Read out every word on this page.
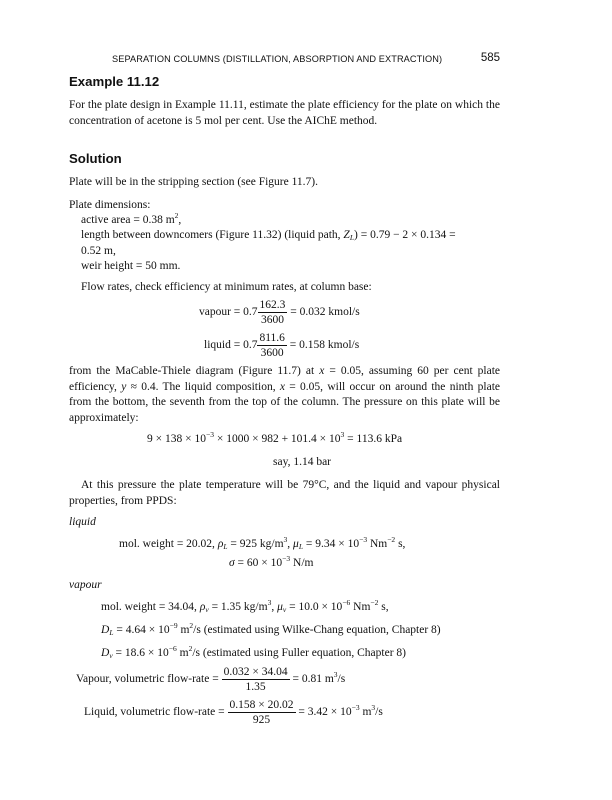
SEPARATION COLUMNS (DISTILLATION, ABSORPTION AND EXTRACTION)	585
Example 11.12
For the plate design in Example 11.11, estimate the plate efficiency for the plate on which the concentration of acetone is 5 mol per cent. Use the AIChE method.
Solution
Plate will be in the stripping section (see Figure 11.7).
Plate dimensions:
active area = 0.38 $m^2$,
length between downcomers (Figure 11.32) (liquid path, $Z_L) = 0.79 - 2 \times 0.134$ =
0.52 m,
weir height = 50 mm.
Flow rates, check efficiency at minimum rates, at column base:
vapour = $0.7 \frac{162.3}{3600} = 0.032$ kmol/s
liquid = $0.7 \frac{811.6}{3600} = 0.158$ kmol/s
from the MaCable-Thiele diagram (Figure 11.7) at x = 0.05, assuming 60 per cent plate efficiency, y ≈ 0.4. The liquid composition, x = 0.05, will occur on around the ninth plate from the bottom, the seventh from the top of the column. The pressure on this plate will be approximately:
$9 \times 138 \times 10^{-3} \times 1000 \times 982 + 101.4 \times 10^3 = 113.6$ kPa
say, 1.14 bar
At this pressure the plate temperature will be 79°C, and the liquid and vapour physical properties, from PPDS:
liquid
mol. weight = 20.02, $\rho_L = 925$ $kg/m^3$, $\mu_L = 9.34 \times 10^{-3}$ $Nm^{-2}$ s,
$\sigma = 60 \times 10^{-3}$ N/m
vapour
mol. weight = 34.04, $\rho_v = 1.35$ $kg/m^3$, $\mu_v = 10.0 \times 10^{-6}$ $Nm^{-2}$ s,
$D_L = 4.64 \times 10^{-9}$ $m^2/s$ (estimated using Wilke-Chang equation, Chapter 8)
$D_v = 18.6 \times 10^{-6}$ $m^2/s$ (estimated using Fuller equation, Chapter 8)
Vapour, volumetric flow-rate = $\frac{0.032 \times 34.04}{1.35} = 0.81$ $m^3/s$
Liquid, volumetric flow-rate = $\frac{0.158 \times 20.02}{925} = 3.42 \times 10^{-3}$ $m^3/s$
